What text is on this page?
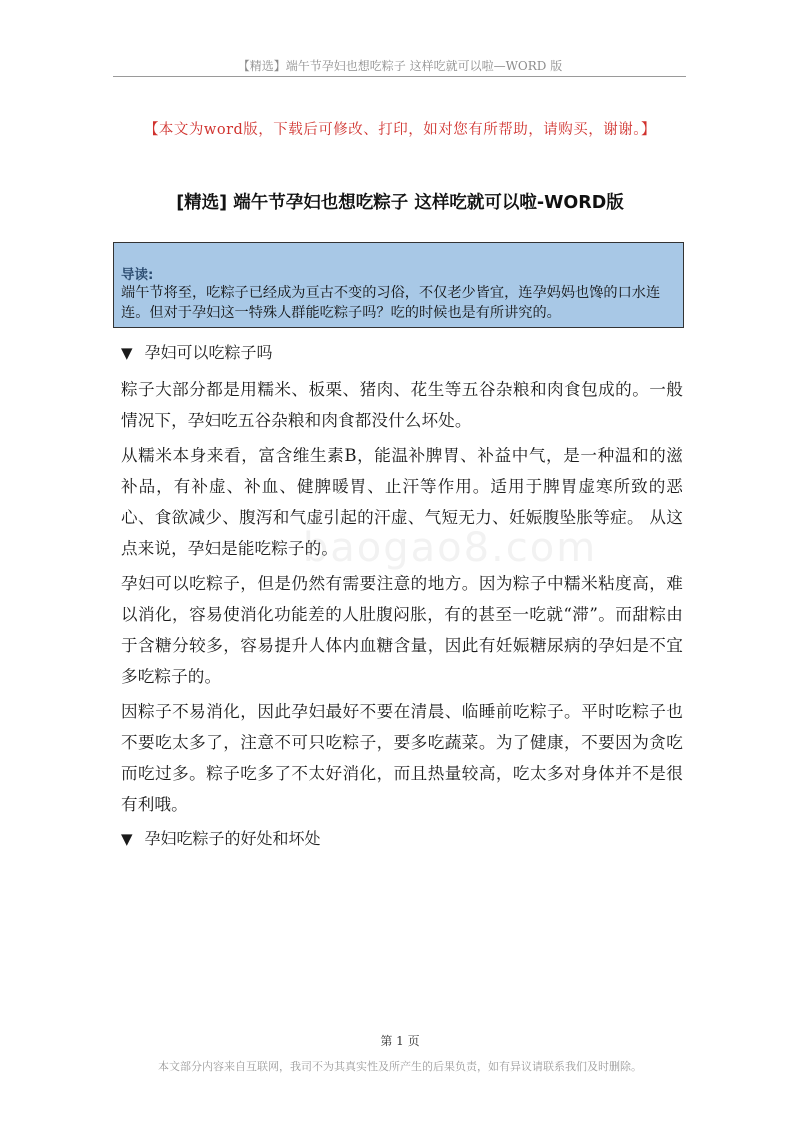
【精选】端午节孕妇也想吃粽子 这样吃就可以啦—WORD 版
【本文为word版，下载后可修改、打印，如对您有所帮助，请购买，谢谢。】
[精选] 端午节孕妇也想吃粽子 这样吃就可以啦-WORD版
导读:
端午节将至，吃粽子已经成为亘古不变的习俗，不仅老少皆宜，连孕妈妈也馋的口水连连。但对于孕妇这一特殊人群能吃粽子吗？吃的时候也是有所讲究的。
baogao8.com
▼ 孕妇可以吃粽子吗

粽子大部分都是用糯米、板栗、猪肉、花生等五谷杂粮和肉食包成的。一般情况下，孕妇吃五谷杂粮和肉食都没什么坏处。

从糯米本身来看，富含维生素B，能温补脾胃、补益中气，是一种温和的滋补品，有补虚、补血、健脾暖胃、止汗等作用。适用于脾胃虚寒所致的恶心、食欲减少、腹泻和气虚引起的汗虚、气短无力、妊娠腹坠胀等症。 从这点来说，孕妇是能吃粽子的。

孕妇可以吃粽子，但是仍然有需要注意的地方。因为粽子中糯米粘度高，难以消化，容易使消化功能差的人肚腹闷胀，有的甚至一吃就“滞”。而甜粽由于含糖分较多，容易提升人体内血糖含量，因此有妊娠糖尿病的孕妇是不宜多吃粽子的。

因粽子不易消化，因此孕妇最好不要在清晨、临睡前吃粽子。平时吃粽子也不要吃太多了，注意不可只吃粽子，要多吃蔬菜。为了健康，不要因为贪吃而吃过多。粽子吃多了不太好消化，而且热量较高，吃太多对身体并不是很有利哦。

▼ 孕妇吃粽子的好处和坏处
第 1 页
本文部分内容来自互联网，我司不为其真实性及所产生的后果负责，如有异议请联系我们及时删除。
